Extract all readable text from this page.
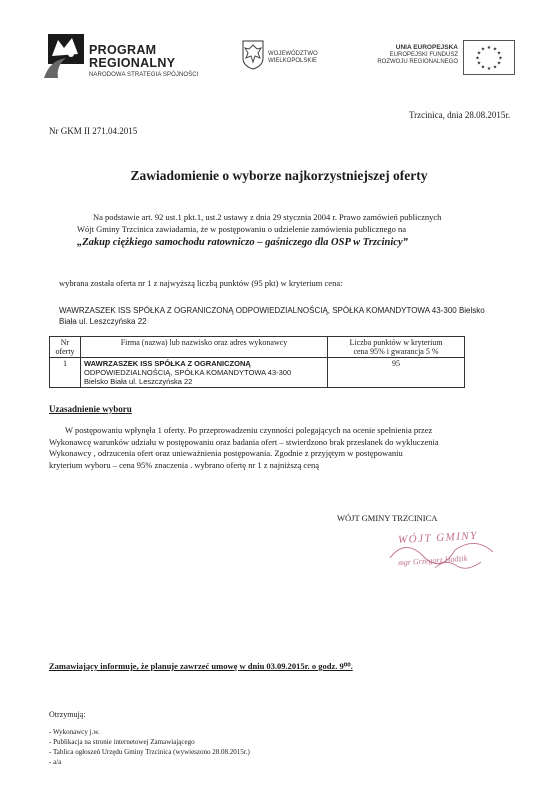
PROGRAM
REGIONALNY
NARODOWA STRATEGIA SPÓJNOŚCI
WOJEWÓDZTWO
WIELKOPOLSKIE
UNIA EUROPEJSKA
EUROPEJSKI FUNDUSZ
ROZWOJU REGIONALNEGO
★ ★
★
★
★
★
★
★
★
★
★
★
Trzcinica, dnia 28.08.2015r.
Nr GKM II 271.04.2015
Zawiadomienie o wyborze najkorzystniejszej oferty
Na podstawie art. 92 ust.1 pkt.1, ust.2 ustawy z dnia 29 stycznia 2004 r. Prawo zamówień publicznych
Wójt Gminy Trzcinica zawiadamia, że w postępowaniu o udzielenie zamówienia publicznego na
„Zakup ciężkiego samochodu ratowniczo – gaśniczego dla OSP w Trzcinicy”
wybrana została oferta nr 1 z najwyższą liczbą punktów (95 pkt) w kryterium cena:
WAWRZASZEK ISS SPÓŁKA Z OGRANICZONĄ ODPOWIEDZIALNOŚCIĄ, SPÓŁKA KOMANDYTOWA 43-300 Bielsko
Biała ul. Leszczyńska 22
Nr oferty	Firma (nazwa) lub nazwisko oraz adres wykonawcy	Liczba punktów w kryterium
cena 95% i gwarancja 5 %

1	WAWRZASZEK ISS SPÓŁKA Z OGRANICZONĄ
ODPOWIEDZIALNOŚCIĄ, SPÓŁKA KOMANDYTOWA 43-300
Bielsko Biała ul. Leszczyńska 22	95
Uzasadnienie wyboru
W postępowaniu wpłynęła 1 oferty. Po przeprowadzeniu czynności polegających na ocenie spełnienia przez
Wykonawcę warunków udziału w postępowaniu oraz badania ofert – stwierdzono brak przesłanek do wykluczenia
Wykonawcy , odrzucenia ofert oraz unieważnienia postępowania. Zgodnie z przyjętym w postępowaniu
kryterium wyboru – cena 95% znaczenia . wybrano ofertę nr 1 z najniższą ceną
WÓJT GMINY TRZCINICA
WÓJT GMINY
mgr Grzegorz Hadzik
Zamawiający informuje, że planuje zawrzeć umowę w dniu 03.09.2015r. o godz. 9⁰⁰.
Otrzymują:
- Wykonawcy j.w.
- Publikacja na stronie internetowej Zamawiającego
- Tablica ogłoszeń Urzędu Gminy Trzcinica (wywieszono 28.08.2015r.)
- a/a
